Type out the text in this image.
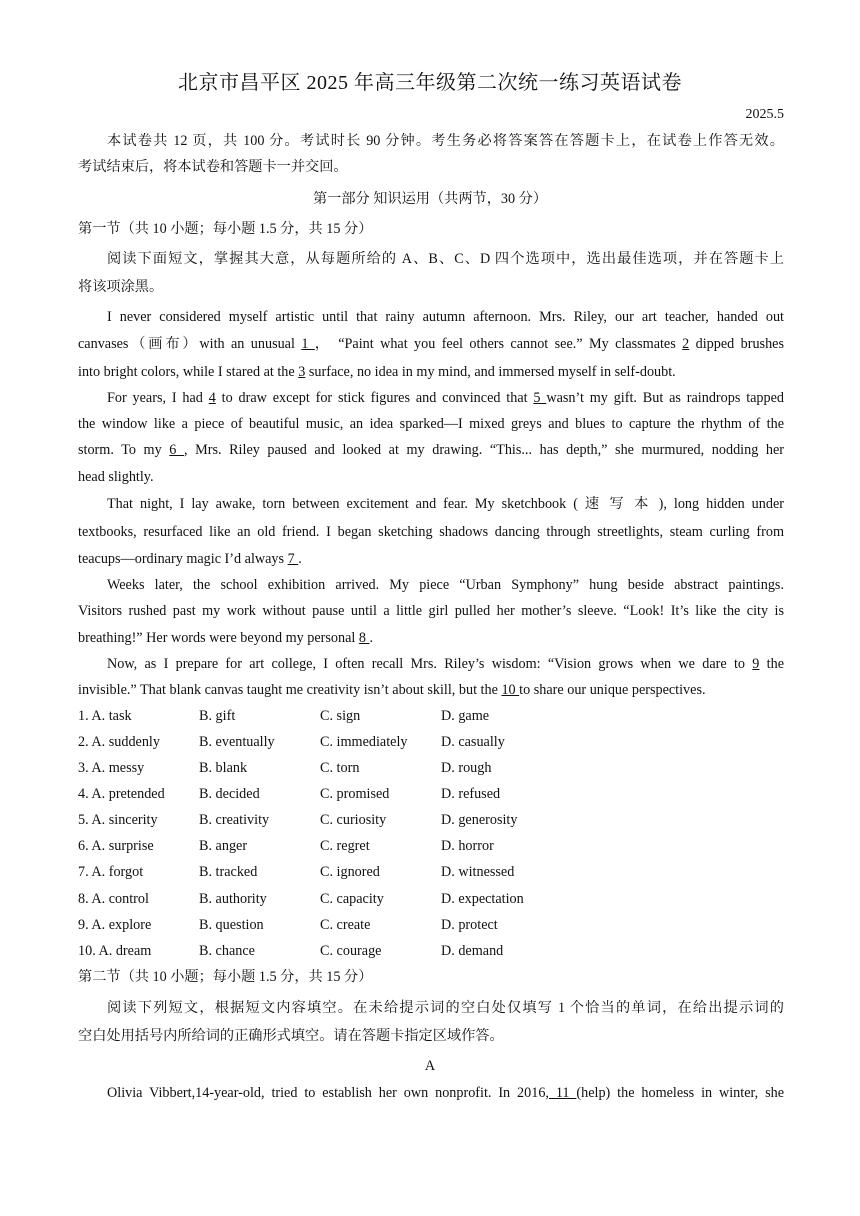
北京市昌平区 2025 年高三年级第二次统一练习英语试卷
2025.5
本试卷共 12 页，共 100 分。考试时长 90 分钟。考生务必将答案答在答题卡上，在试卷上作答无效。
考试结束后，将本试卷和答题卡一并交回。
第一部分 知识运用（共两节，30 分）
第一节（共 10 小题；每小题 1.5 分，共 15 分）
阅读下面短文，掌握其大意，从每题所给的 A、B、C、D 四个选项中，选出最佳选项，并在答题卡上
将该项涂黑。
I never considered myself artistic until that rainy autumn afternoon. Mrs. Riley, our art teacher, handed out
canvases（画布）with an unusual 1 ， “Paint what you feel others cannot see.” My classmates 2 dipped brushes
into bright colors, while I stared at the 3 surface, no idea in my mind, and immersed myself in self-doubt.
For years, I had 4 to draw except for stick figures and convinced that 5 wasn’t my gift. But as raindrops tapped
the window like a piece of beautiful music, an idea sparked—I mixed greys and blues to capture the rhythm of the
storm. To my 6 , Mrs. Riley paused and looked at my drawing. “This... has depth,” she murmured, nodding her
head slightly.
That night, I lay awake, torn between excitement and fear. My sketchbook ( 速 写 本 ), long hidden under
textbooks, resurfaced like an old friend. I began sketching shadows dancing through streetlights, steam curling from
teacups—ordinary magic I’d always 7 .
Weeks later, the school exhibition arrived. My piece “Urban Symphony” hung beside abstract paintings.
Visitors rushed past my work without pause until a little girl pulled her mother’s sleeve. “Look! It’s like the city is
breathing!” Her words were beyond my personal 8 .
Now, as I prepare for art college, I often recall Mrs. Riley’s wisdom: “Vision grows when we dare to 9 the
invisible.” That blank canvas taught me creativity isn’t about skill, but the 10 to share our unique perspectives.
1. A. task	B. gift	C. sign	D. game
2. A. suddenly	B. eventually	C. immediately D. casually
3. A. messy	B. blank	C. torn	D. rough
4. A. pretended B. decided	C. promised	D. refused
5. A. sincerity	B. creativity	C. curiosity	D. generosity
6. A. surprise	B. anger	C. regret	D. horror
7. A. forgot	B. tracked	C. ignored	D. witnessed
8. A. control	B. authority	C. capacity	D. expectation
9. A. explore	B. question	C. create	D. protect
10. A. dream	B. chance	C. courage	D. demand
第二节（共 10 小题；每小题 1.5 分，共 15 分）
阅读下列短文，根据短文内容填空。在未给提示词的空白处仅填写 1 个恰当的单词，在给出提示词的
空白处用括号内所给词的正确形式填空。请在答题卡指定区域作答。
A
Olivia Vibbert,14-year-old, tried to establish her own nonprofit. In 2016, 11 (help) the homeless in winter, she
